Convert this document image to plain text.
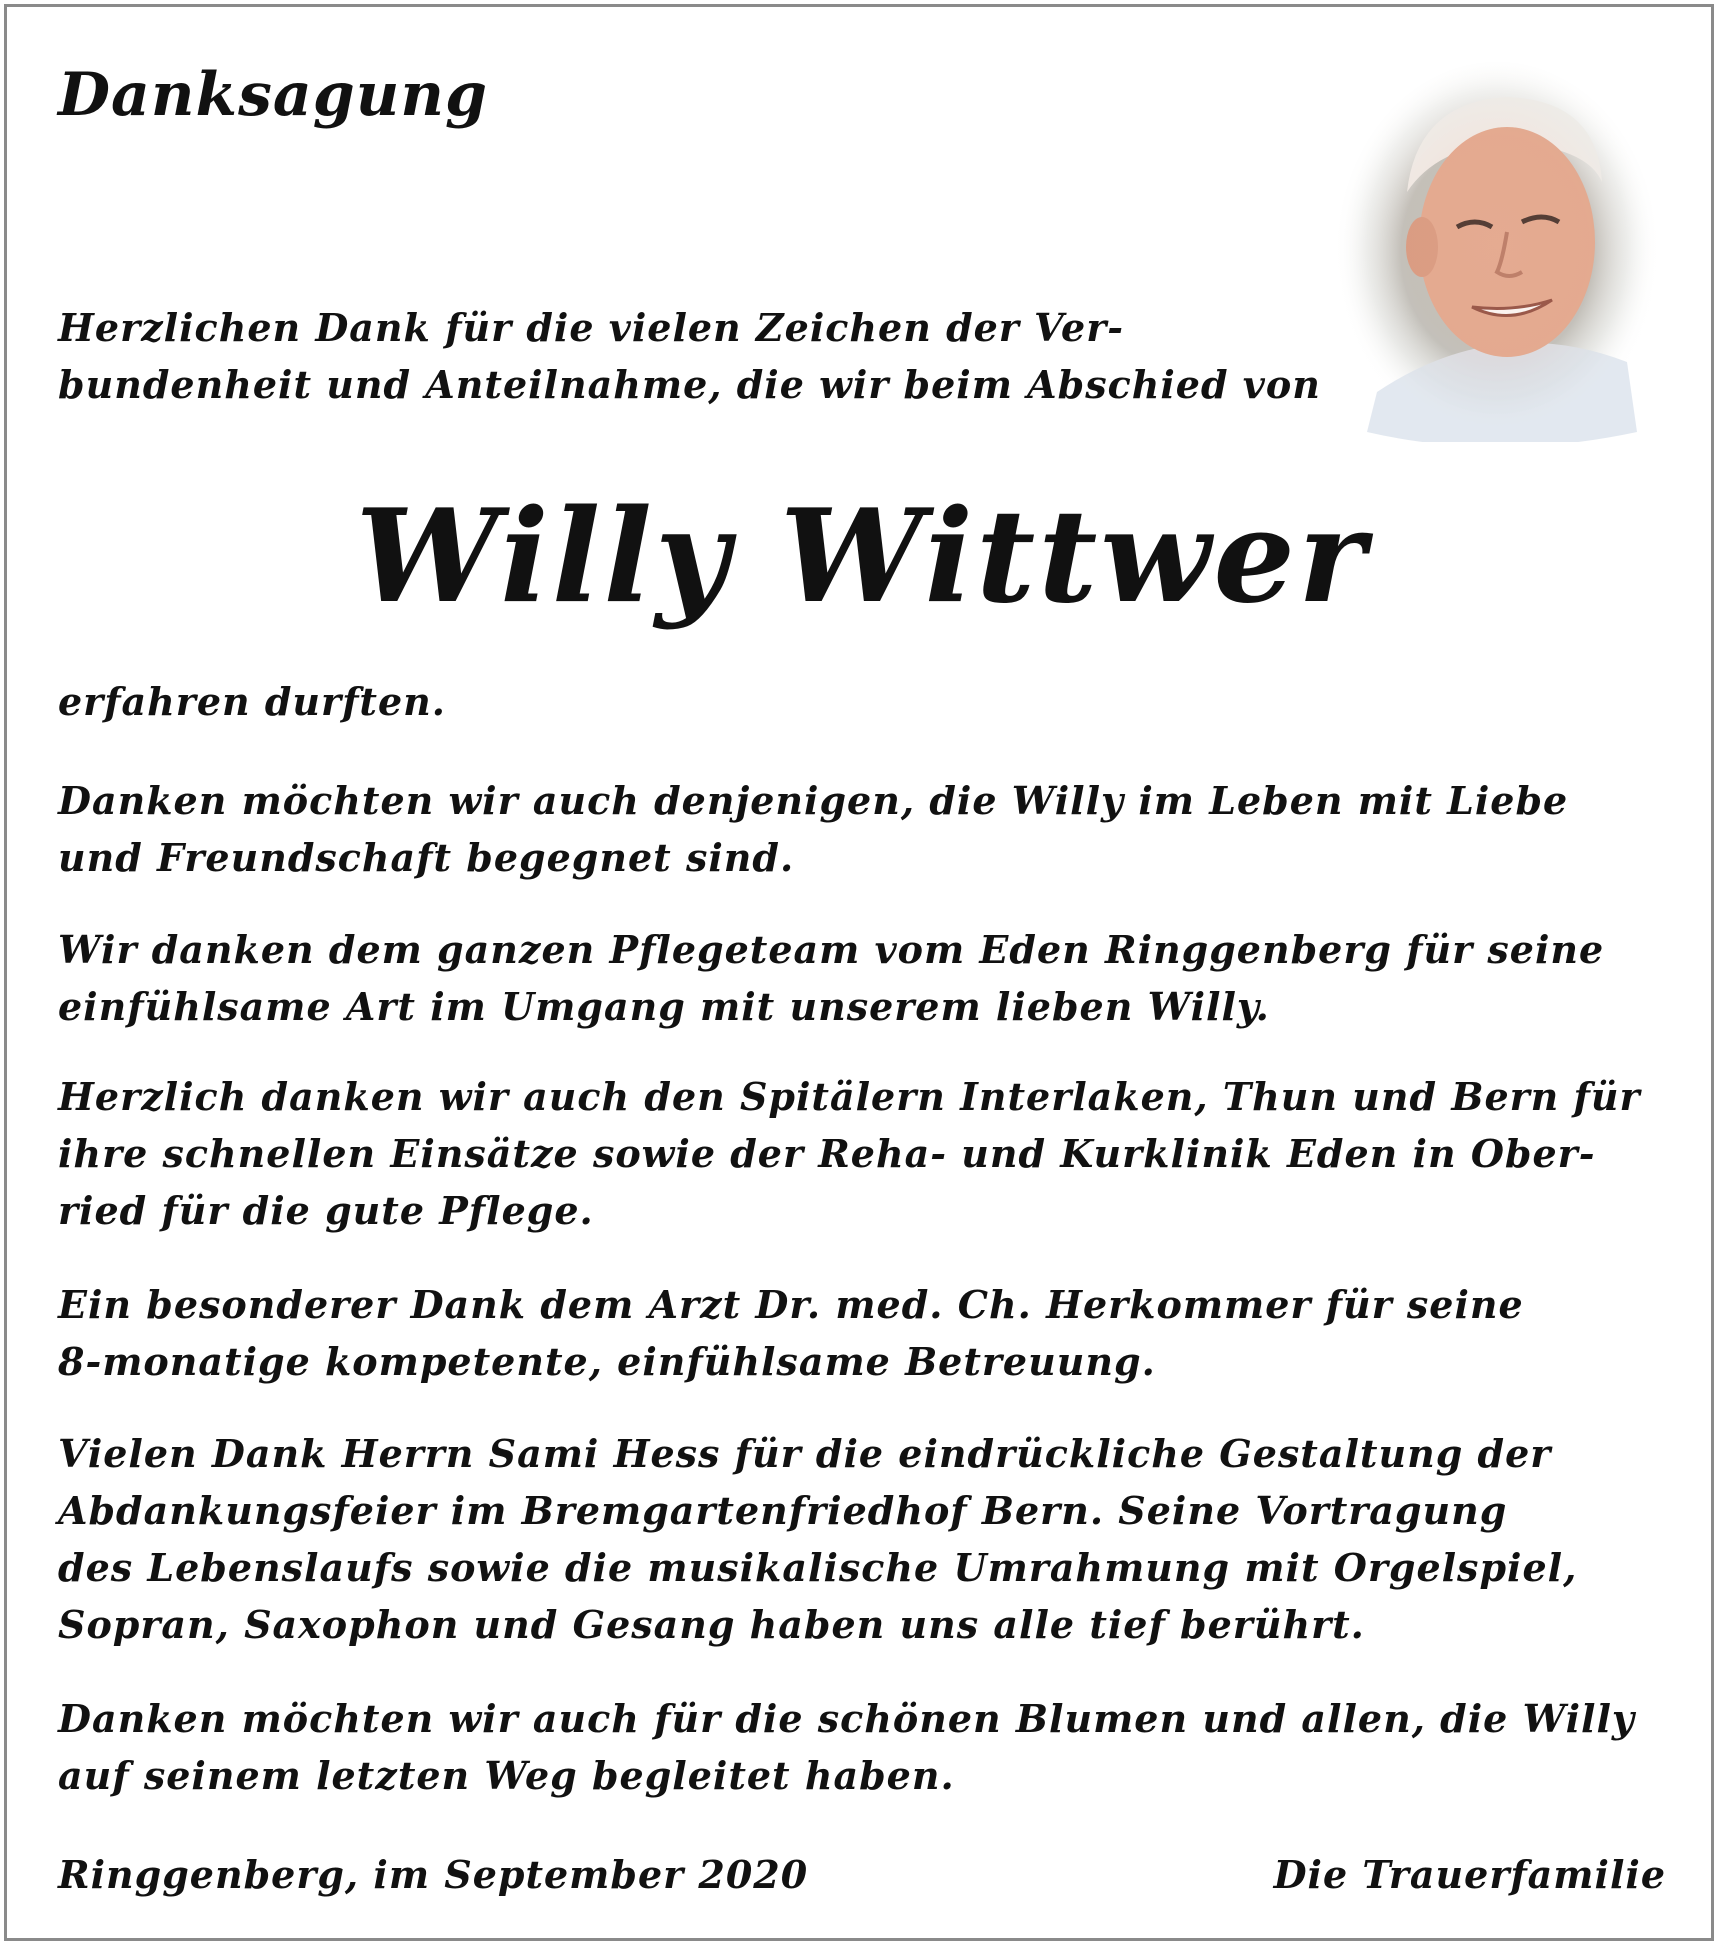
Danksagung
Herzlichen Dank für die vielen Zeichen der Ver-
bundenheit und Anteilnahme, die wir beim Abschied von
Willy Wittwer
erfahren durften.
Danken möchten wir auch denjenigen, die Willy im Leben mit Liebe
und Freundschaft begegnet sind.
Wir danken dem ganzen Pflegeteam vom Eden Ringgenberg für seine
einfühlsame Art im Umgang mit unserem lieben Willy.
Herzlich danken wir auch den Spitälern Interlaken, Thun und Bern für
ihre schnellen Einsätze sowie der Reha- und Kurklinik Eden in Ober-
ried für die gute Pflege.
Ein besonderer Dank dem Arzt Dr. med. Ch. Herkommer für seine
8-monatige kompetente, einfühlsame Betreuung.
Vielen Dank Herrn Sami Hess für die eindrückliche Gestaltung der
Abdankungsfeier im Bremgartenfriedhof Bern. Seine Vortragung
des Lebenslaufs sowie die musikalische Umrahmung mit Orgelspiel,
Sopran, Saxophon und Gesang haben uns alle tief berührt.
Danken möchten wir auch für die schönen Blumen und allen, die Willy
auf seinem letzten Weg begleitet haben.
Ringgenberg, im September 2020	Die Trauerfamilie
